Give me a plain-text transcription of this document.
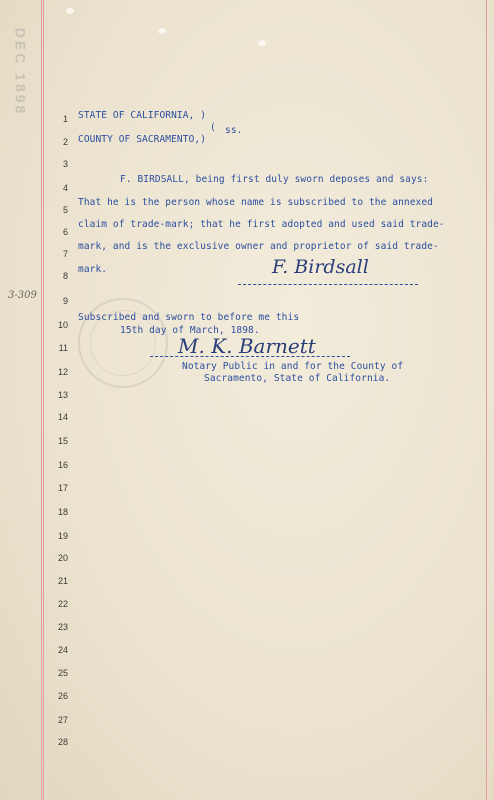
DEC 1898
3-309
1
2
3
4
5
6
7
8
9
10
11
12
13
14
15
16
17
18
19
20
21
22
23
24
25
26
27
28
STATE OF CALIFORNIA, )
( ss.
COUNTY OF SACRAMENTO,)
F. BIRDSALL, being first duly sworn deposes and says:
That he is the person whose name is subscribed to the annexed
claim of trade-mark; that he first adopted and used said trade-
mark, and is the exclusive owner and proprietor of said trade-
mark.	F. Birdsall
Subscribed and sworn to before me this
15th day of March, 1898.
M. K. Barnett
Notary Public in and for the County of
Sacramento, State of California.
